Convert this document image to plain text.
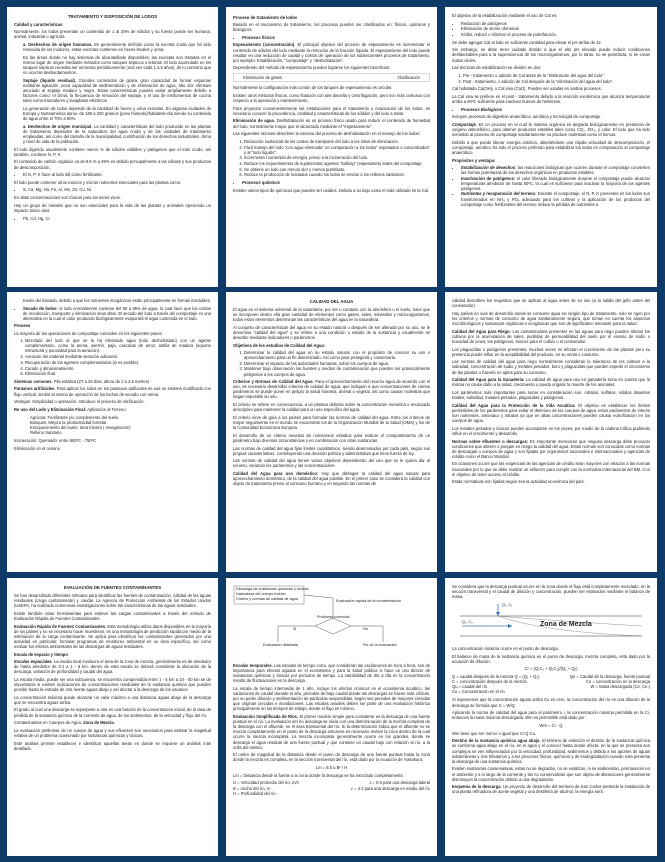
TRATAMIENTO Y DISPOSICIÓN DE LODOS
Calidad y características

Normalmente, los lodos presentan un contenido de 1 al 20% de sólidos y su fuente puede ser humana, animal, industrial o agrícola.

a. Deshechos de origen humanos. Es generalmente definido como la excreta cruda que ha sido removida de los inodoros, estas excretas contienen en heces fecales y orina.

En las áreas donde no hay sistemas de alcantarillado disponibles, las excretas son tratadas en el mismo lugar de origen mediante métodos como tanques sépticos o letrinas. El lodo acumulado en los tanques sépticos necesita ser removido periódicamente (una vez cada 1 a 5 años), de lo contrario que no ocurran desbordamientos.

Septaje (líquido residual). Grandes contenidos de grasa, gran capacidad de formar espumas mediante agitación, poca capacidad de sedimentación y de eliminación de agua, alto olor ofensivo asociado al septaje maduro y negro. Estas características pueden variar ampliamente debido a factores como: el clima, la frecuencia de remoción del septaje, y el uso de instrumentos de cocina tales como trituradores y lavaplatos eléctricos.

La generación de lodos depende de la cantidad de heces y orina excretas. En algunas ciudades de Europa y Norteamérica aprox. de 180 a 200 gramos (peso húmedo)/habitante-día siendo su contenido de agua entre el 70% a 80%.

a. Deshechos de origen municipal. La cantidad y características del lodo producido en las plantas de tratamiento dependen de la naturaleza del agua cruda y de las unidades de tratamiento empleadas, así como del tamaño de la municipalidad, contribución de los desechos industriales, clima y nivel de vida de la población.

El lodo digerido usualmente contiene menor % de sólidos volátiles y patógenos que el lodo crudo, así también, contiene N, P, K.

El contenido de carbón orgánico va de 8.5 % a 48% es debido principalmente a las células y sus productos de descomposición.

• El N, P, K hace al lodo útil como fertilizante.

El lodo puede contener otros macros y micros nutrientes esenciales para las plantas como:

• S, Ca, Mg, Na, Fe, Al, Mn, Zn, Cu, Ni.

En altas concentraciones son tóxicos para los seres vivos.

Hay un grupo de metales que no son esenciales para la vida de las plantas y animales ejerciendo un impacto tóxico alos:

• Pb, Cd, Hg, Cr
Proceso de tratamiento de lodos

Basado en el mecanismo de tratamiento, los procesos pueden ser clasificados en: físicos, químicos y biológicos.

• Procesos físicos

Espesamiento (concentración). El principal objetivo del proceso de espesamiento es incrementar el contenido de sólidos del lodo mediante la remoción de la fracción líquida. El espesamiento del lodo puede resultar en una reducción de capital y costos de operación de los subsecuentes procesos de tratamiento, por ejemplo: Estabilización, "compostaje" y "deshidratación".

Dependiendo del método de espesamiento pueden lograrse los siguientes beneficios:

Eliminación de gases	Clarificación

Normalmente la configuración más común de los tanques de espesamiento es circular.

Existen otros métodos físicos, como flotación con aire disuelto y centrifugación, pero son más costosos con respecto a la operación y mantenimiento.

Para proyectar convenientemente las instalaciones para el tratamiento y evacuación de los lodos, es necesario conocer la procedencia, cantidad y características de los sólidos y del lodo a tratar.

Eliminación de agua. Deshidratación es un proceso físico usado para reducir el contenido de humedad del lodo, normalmente mayor que el alcanzado mediante el "espesamiento".

Las siguientes razones describen la esencia del proceso de deshidratación en el manejo de los lodos:

1. Reducción sustancial de los costos de transporte del lodo a los sitios de eliminación.
2. Fácil manejo del lodo "con agua eliminada" en comparación a los lodos" espesados o concentrados" y al "lodo líquido".
3. Incrementa l contenido de energía, previo a la incineración del lodo.
4. Reduce los requerimientos de suplementar agentes "bulking" (espesantes) antes del compostaje.
5. Se obtiene un lodo con menos olor y menos putrefacto.
6. Reduce la producción de lixiviados cuando los lodos se envían a los rellenos sanitarios.
• Procesos químicos

Existen varios tipos de químicos que pueden ser usados. Debido a su bajo costo el más utilizado es la Cal.

El objetivo de la estabilización mediante el uso de Cal es:

• Reducción de patógenos
• Eliminación de olores ofensivos
• Inhibir, reducir o eliminar el proceso de putrefacción.

Se debe agregar Cal al lodo en suficiente cantidad para elevar el pH arriba de 12.

Sin embargo, se debe tener cuidado debido a que el alto pH elevado puede inducir condiciones desfavorables para a la supervivencia de los microorganismos, por lo tanto, no se putrefacta, ni se crean malos olores.

Las técnicas de estabilización se dividen en dos:

1. Pre - tratamiento o adición de Cal antes de la "eliminación del agua del lodo".
2. Post - tratamiento, o adición de Cal después de la "eliminación del agua del lodo".

Cal hidratada Ca(OH)₂ o Cal viva (CaO). Pueden ser usadas en ambos procesos.

La Cal viva se prefiere en el post - tratamiento debido a la reacción exotérmica que alcanza temperaturas arriba a 50ºC suficiente para inactivar huevos de helmintos.

• Procesos Biológicos

Incluyen procesos de digestión anaeróbica, aeróbica y tecnología de compostaje.

Compostaje. Es un proceso en el cual la materia orgánica es degrada biológicamente en presencia de oxígeno atmosférico, para obtener productos estables tales como CO₂, SO₄, y calor. El lodo que ha sido sometido al proceso de compostaje sanitariamente no produce molestias como el humus.

Debido a que puede liberar energía calórica, obteniéndose una rápida velocidad de descomposición, el compostaje, aeróbico ha sido el proceso preferido para estabilizar los lodos en comparación al compostaje anaeróbico.

Propósitos y ventajas
• Estabilización de desechos: las reacciones biológicas que ocurren durante el compostaje convierten las formas putrefactas de los desechos orgánicos en productos estables.
• Inactivación de patógenos: el calor liberado biológicamente durante el compostaje puede alcanzar temperaturas alrededor de hasta 60ºC, la cual es suficiente para inactivar la mayoría de los agentes patógenos.
• Nutrientes y recuperación del terreno: Durante el compostaje, el N, P, K presentes en los lodos son transformados en NH₄ y PO₄ adecuado para los cultivos y la aplicación de los productos del compostaje como fertilizantes del terreno reduce la pérdida de nutrientes a

través del lixiviado, debido a que los nutrientes inorgánicos están principalmente en formas insolubles.

• Secado de lodos: el lodo normalmente contiene del 80 a 95% de agua, lo cual hace que los costos de recolección, transporte y eliminación sean altos. El secado del lodo a través del compostaje es una alternativa en la cual el calor producido biológicamente evaporará el agua contenida en el lodo.
Proceso

La mayoría de las operaciones de compostaje coinciden en los siguientes pasos:

1. Mezclado del lodo al que se le ha eliminado agua (lodo deshidratado) con un agente complementario, como la arena, aserrín, paja, cascaras de arroz, astilla de madera (soporte estructural y porosidad para la aeración).
2. Aeración del material mediante aeración adicional.
3. Recuperación de los agentes complementarios (si es posible).
4. Curado y almacenamiento.
5. Eliminación final.

Sistemas comunes. Pila estática (2T a 28 días, altura de 2 a 2.5 metros)

Pantanos artificiales. Para aplicar los lodos en los pantanos artificiales se usa un sistema modificado con flujo vertical, similar al mismo de operación de los lechos de secado con arena.

Ventajas: Simplicidad o operación. Introduce el proceso de nitrificación.

Re uso del Lodo y Eliminación Final: Aplicación al Terreno:

Agrícola: Fertilizante y/o complemento del suelo.
Bosques: Mejora la productividad forestal.
Enriquecimiento del suelo: área minera ( revegetación)
Relleno Sanitario

Incineración: Quemado: entre 650ºC - 750ºC

Eliminación en el océano

CALIDAD DEL AGUA

El agua en el sistema universal de la naturaleza, por ser u contacto con la atmósfera o el suelo, hace que se incorporen dentro ella gran cantidad de elementos como gases, sales, minerales y microorganismos, todos estos elementos determinan las características del agua en la naturaleza.

Al conjunto de características del agua en su estado natural o después de ser alterada por su uso, se le denomina "calidad del agua" y se refiere a una condición o estado de la sustancia y usualmente se describe mediante indicadores o parámetros.

Objetivos de los estudios de Calidad del Agua:
1. Determinar la calidad del agua en su estado natural, con el propósito de conocer su uso o aprovechamiento para un fin determinado. Así como para protegerla y conservarla.
2. Determinar el impacto de las actividades humanas, sobre los cuerpos de agua.
3. Mantener bajo observación las fuentes y medios de contaminación que pueden ser potencialmente peligrosos a los cuerpos de agua.

Criterios y Normas de Calidad del Agua: Para el aprovechamiento del recurso agua de acuerdo con el uso, es necesario desarrollar criterios de calidad de agua, que indiquen a que concentraciones de ciertos parámetros se puede poner en peligro la salud humana, animal o vegetal, así como causar molestias que hagan imposible su uso.

El criterio se refiere en consecuencia, a un plantea definido sobre la concentración numérica o enunciado descriptivo para mantener la calidad para un uso especifico del agua.

El criterio sirve de guía a los países para formular las normas de calidad del agua. Entre los criterios de mayor seguimiento en el mundo se encuentran los de la Organización Mundial de la Salud (OMS) y los de la Comunidad Económica Europea.

El desarrollo de un criterio necesita de numerosos estudios para evaluar el comportamiento de un parámetro bajo diversas circunstancias y en combinación con otras sustancias.

Las normas de calidad del agua fijan límites cuantitativos, siendo determinados por cada país, según sus propias características, constituyendo una decisión política y administrativa que tiene fuerza de ley.

Las normas de calidad del agua tienen varios objetivos dependiendo del uso que se le quiera dar al recurso, variando los parámetros y las concentraciones.

Calidad del Agua para uso doméstico: Hay que distinguir la calidad del agua natural para aprovechamiento doméstico, de la calidad del agua potable. En el primer caso se considera la calidad con objeto de tratamiento previo al consumo humano y en segundo las normas de

calidad describen los requisitos que se aplican al agua antes de su uso (a la salida del grifo antes del consumidor).

Hay países en vías de desarrollo donde se consume agua sin ningún tipo de tratamiento, solo se rigen por los criterios y normas de consumo de agua sanitariamente segura, que toman en cuenta los aspectos microbiológicos y sustancias orgánicas e inorgánicas que son de significativo relevante para la salud.

Calidad del Agua para Riego: Los contaminantes presentes en las aguas para riego pueden afectar los cultivos por la acumulación de sales, perdidas de permeabilidad del suelo por el exceso de sodio o toxicidad de iones; los patógenos, tóxicos para el cultivo o el consumidor.

Los plaguicidas o patógenos presentes, muchas veces no afectan el crecimiento de las plantas pero su presencia puede influir en la aceptabilidad del producto, en su venta o consumo.

Las normas de calidad del agua para riego normalmente consideran la tolerancia de los cultivos a la salinidad, concentración de sodio y metales pesados, boro y plaguicidas que pueden impedir el crecimiento de las plantas o hacerlo no aptos para su consumo.

Calidad del Agua para la Ganadería: La calidad de agua para uso en ganadería toma en cuenta que la misma no cause daño a la salud, crecimiento o pueda originar la muerte de los animales.

Los parámetros más importantes para tomar en consideración son: nitratos, sulfatos, sólidos disueltos totales, salinidad, metales pesados, plaguicidas y patógenos.

Calidad del Agua para la Protección de la Vida Acuática: El objetivo es establecer los límites permisibles de los parámetros para evitar el deterioro de los cuerpos de agua, estos parámetros de interés son nutrientes, amoniaco y nitratos ya que en altas concentraciones pueden causar eutrofización en los cuerpos de agua.

Los metales pesados y tóxicos pueden acumularse en los peces, por medio de la cadena trófica pudiendo influir en el crecimiento y desarrollo.

Normas sobre efluentes o descargas: Es importante mencionar que ninguna descarga debe provocar condiciones que alteren o pongan en riesgo la calidad del agua. Estas normas son conocidas como normas de descargas o cuerpos de agua y son fijadas por organismos nacionales e internacionales y agencias de crédito como el Banco Mundial.

En ocasiones ocurre que las exigencias de las agencias de crédito sean mayores con relación a las normas nacionales por lo que se debe realizar un esfuerzo para cumplir con la normativa internacional del BM. Con el objetivo de tener acceso al crédito.

Estas normativas son fijadas según sea la actividad económica del país.

EVALUACIÓN DE FUENTES CONTAMINANTES

Se han desarrollado diferentes métodos para identificar las fuentes de contaminación, calidad de las aguas residuales (carga contaminante) y caudal. La Agencia de Protección Ambiental de los Estados Unidos (USEPA, ha realizado numerosas investigaciones sobre las características de las aguas residuales.

Existe también otras herramientas para estimar las cargas contaminantes a través del método de Evaluación Rápida de Fuentes Contaminantes.

Evaluación Rápida de Fuentes Contaminantes. Esta metodología utiliza datos disponibles en la mayoría de los países y no se necesario hacer muestreos, es una metodología de predicción rápida por medio de la estimación de la carga contaminante. Se aplica para identificar los contaminantes generados por una actividad en particular, formular programas de monitoreo ambiental en un área específica, así como evaluar los efectos ambientales de las descargas de aguas residuales.

Escala de espacio y tiempo

Escalas espaciales. La escala local involucra el área de la zona de mezcla, generalmente es de alrededor de hasta alrededor de 0.1 a 1 - 5 km, dentro de esta escala se deberá considerar la ubicación de la descarga, variación de profundidad y caudal del agua.

La escala media, puede ser una subcuenca, se encuentra comprendida entre 1 - 5 km a 10 - 50 km se de importancia si existen indicaciones de concentraciones residuales de la sustancia química que pueden percibir hasta la entrada de otra fuente aguas abajo y así afectar a la descarga de los usuarios.

La concentración máxima puede alcanzar un valor máximo a una distancia aguas abajo de la descarga que se encuentra aguas arriba.

El grado al cual una descarga se superpone a otra es una función de la concentración inicial, de la tasa de pérdida de la sustancia química de la corriente de agua, de los sedimentos, de la velocidad y flujo del río.

Contaminantes en Cuerpos de Agua. Zona de Mezcla.

La evaluación preliminar de un cuerpo de agua y sus efluentes son necesarios para estimar la magnitud relativa de un problema ocasionado por sustancias químicas y tóxicas.

Este análisis permite establecer e identificar aquellas áreas en donde se requiere un análisis más detallado.

Descarga de sustancias químicas y tóxicas
Naturaleza del cuerpo hídrico
Criterio y normas de calidad de agua	Evaluación rápida de la contaminación
Problema potencial
Si	No
Evaluación detallada	Fin de la evaluación

Escalas temporales. Las escalas de tiempo corto, que consideran las oscilaciones de hora a hora, son de importancia para efectos agudos en el ecosistema y para la salud pública si hace un uso directo de sustancias químicas y tóxicas por periodos de tiempo. La variabilidad de día a día en la concentración resulta de fluctuaciones en la descarga.

La escala de tiempo intermedia de 1 año, incluye los efectos crónicos en el ecosistema acuático, las variaciones de caudal durante el año, periodos de bajo caudal donde las descargas se hacen más críticas, por su poder dilución y sedimentación de partículas suspendidas, según sus periodos de mayores crecidas que originan crecidas e inundaciones. Las escalas anuales deben ser parte de una evaluación histórica principalmente en los tiempos de estiaje, donde el flujo es mínimo.

Evaluación Simplificada de Ríos. El primer modelo simple para considerar es la descarga de una fuente puntual en el río. La evaluación del río descarga se inicia con una determinación de la mezcla completa de la descarga con el afluente, en el área transversal del río. Si la determinación indica que el afluente no se mezcla completamente en el punto de la descarga entonces es necesario revisar la zona dentro de la cual ocurre la mezcla incompleta. La mezcla incompleta generalmente ocurre en los grandes, donde se descarga el agua residual de una fuente puntual y que contiene un caudal bajo con relación al río, a la orilla del mismo.

El orden de magnitud de la distancia desde el punto de descarga de una fuente puntual hasta la zona donde la mezcla es completa, en la sección transversal del río, está dado por la ecuación de Yotsukura:

Lm = 8.5 u B² / H

Lm = Distancia desde la fuente a la zona donde la descarga se ha mezclado completamente.

U = Velocidad promedio del río, m/s	ε = 8.5 para una descarga lateral
B = Ancho del río, m	ε = 4.3 para una descarga en medio del río
H = Profundidad del río

Se considera que la descarga puntual ocurre en la zona donde el flujo está completamente mezclado, en la sección transversal y el caudal de dilución y concentración, pueden ser estimados mediante el balance de masa.

Q₁, C₁
Q₂, C₂	Zona de Mezcla

La concentración máxima ocurre en el punto de descarga.

El balance de masa de la sustancia química en el punto de descarga, mezcla completa, está dado por la ecuación de dilución:

Cr = (Q₁C₁ + Q₂C₂)/(Q₁ + Q₂)

Q = caudal después de la mezcla Q = (Q₁ + Q₂)	Qe = Caudal de la descarga, fuente puntual
C = concentración después de la mezcla	Ce = concentración en la descarga
Qu = caudal del río	W = Masa descargada (Ce, Ce.)
Cu = Concentración en el río

Si suponemos que la concentración aguas arriba Cu es cero, la concentración del río es una dilución de la descarga se formula que C = W/Q

Aplicando la norma de calidad del agua para el parámetro i, la concentración máxima permitida en la Ci, entonces la masa máxima descargada. Wm es permisible está dado por:

Wm = Ci · Q

Wm tiene que ser menor o igual que Ci·Q·Cu.

Destino de la sustancia química agua abajo. El término de extinción el destino de la sustancia química se conforma agua abajo en el río, en el agua y el conocer hasta donde afecta, en la que se presenta son complejos se ven influenciados por la velocidad, profundidad, sedimentos y debido a los aportes de aguas subterráneas y ríos tributarios y a los procesos físicos, químicos y de biodegradación cuando esta presenta la descarga de una sustancia química.

Existen sustancias conservativas, estas no se degradan, no se volatizan, ni se sedimentan, permanecen en el ambiente y a lo largo de la corriente y las no conservativas que son objeto de alteraciones generalmente disminuyen la concentración debido a una degradación.

Esquema de la descarga. Un proyecto de desarrollo del territorio de San Carlos pretende la instalación de una planta refinadora de aceite vegetal y una destilería de alcohol, la energía será
